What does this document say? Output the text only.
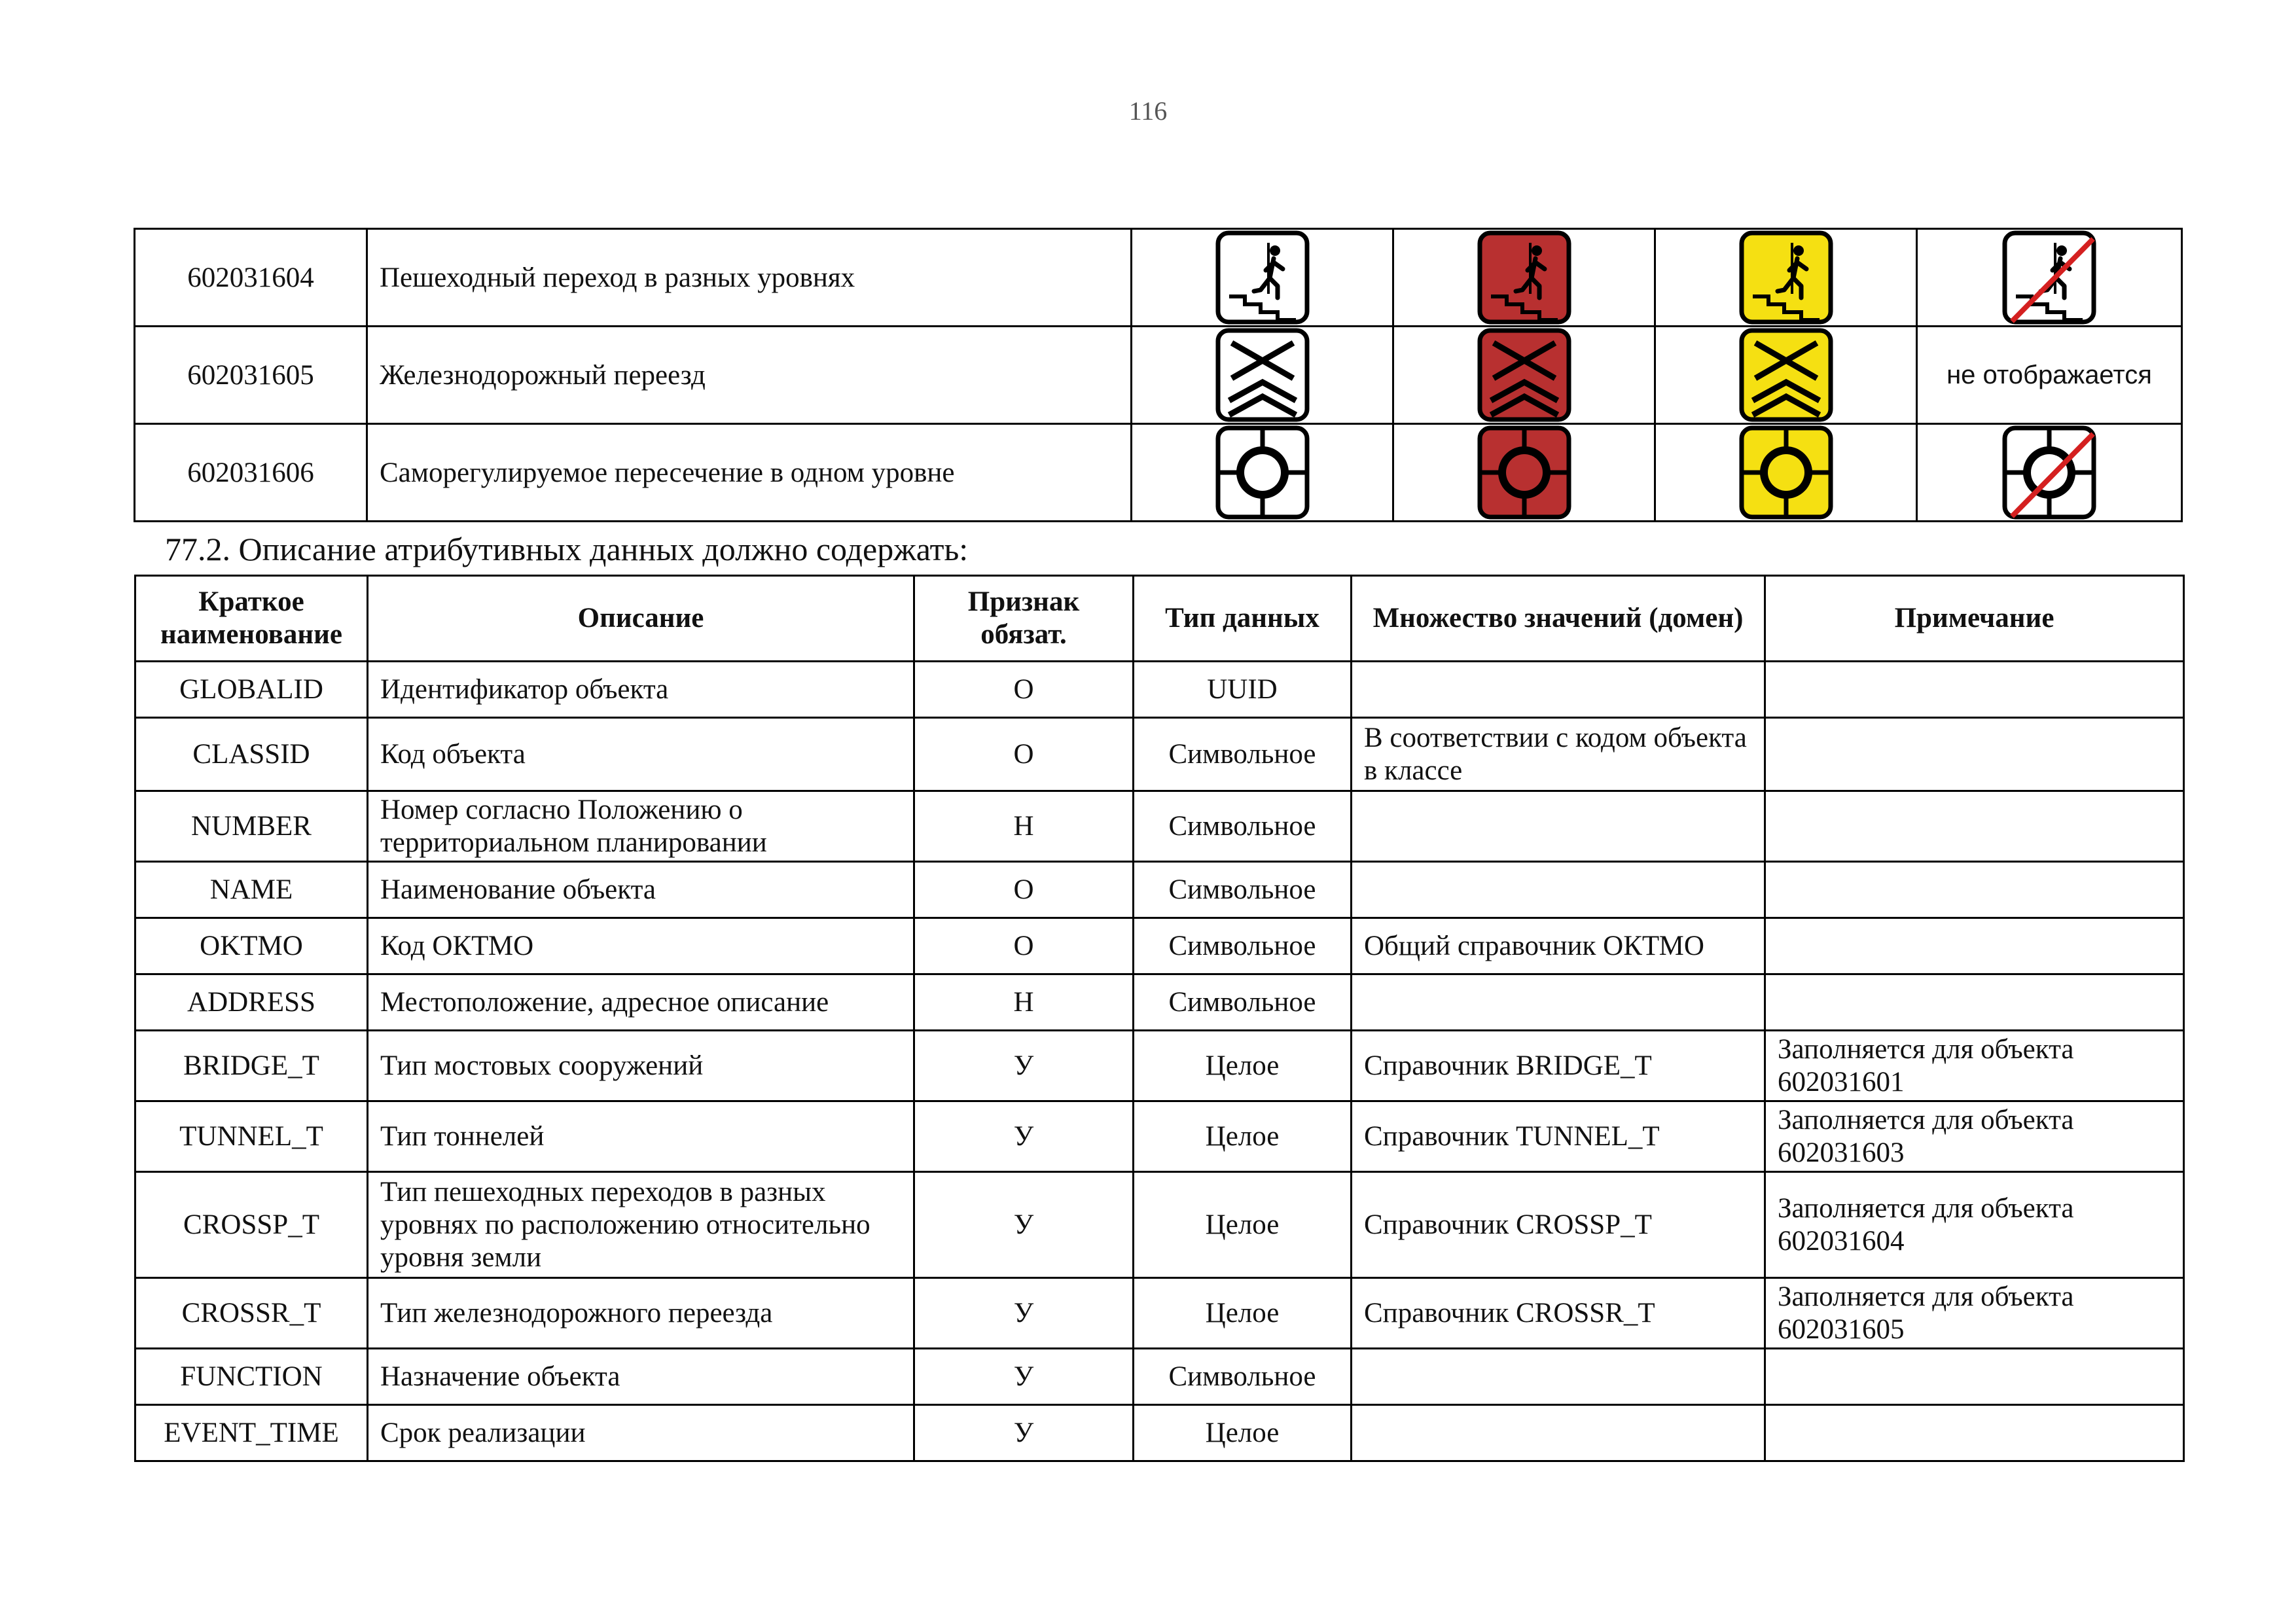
116
602031604	Пешеходный переход в разных уровнях				
602031605	Железнодорожный переезд				не отображается
602031606	Саморегулируемое пересечение в одном уровне				
77.2. Описание атрибутивных данных должно содержать:
Краткое наименование	Описание	Признак обязат.	Тип данных	Множество значений (домен)	Примечание
GLOBALID	Идентификатор объекта	О	UUID		
CLASSID	Код объекта	О	Символьное	В соответствии с кодом объекта в классе	
NUMBER	Номер согласно Положению о территориальном планировании	Н	Символьное		
NAME	Наименование объекта	О	Символьное		
OKTMO	Код ОКТМО	О	Символьное	Общий справочник ОКТМО	
ADDRESS	Местоположение, адресное описание	Н	Символьное		
BRIDGE_T	Тип мостовых сооружений	У	Целое	Справочник BRIDGE_T	Заполняется для объекта 602031601
TUNNEL_T	Тип тоннелей	У	Целое	Справочник TUNNEL_T	Заполняется для объекта 602031603
CROSSP_T	Тип пешеходных переходов в разных уровнях по расположению относительно уровня земли	У	Целое	Справочник CROSSP_T	Заполняется для объекта 602031604
CROSSR_T	Тип железнодорожного переезда	У	Целое	Справочник CROSSR_T	Заполняется для объекта 602031605
FUNCTION	Назначение объекта	У	Символьное		
EVENT_TIME	Срок реализации	У	Целое		
